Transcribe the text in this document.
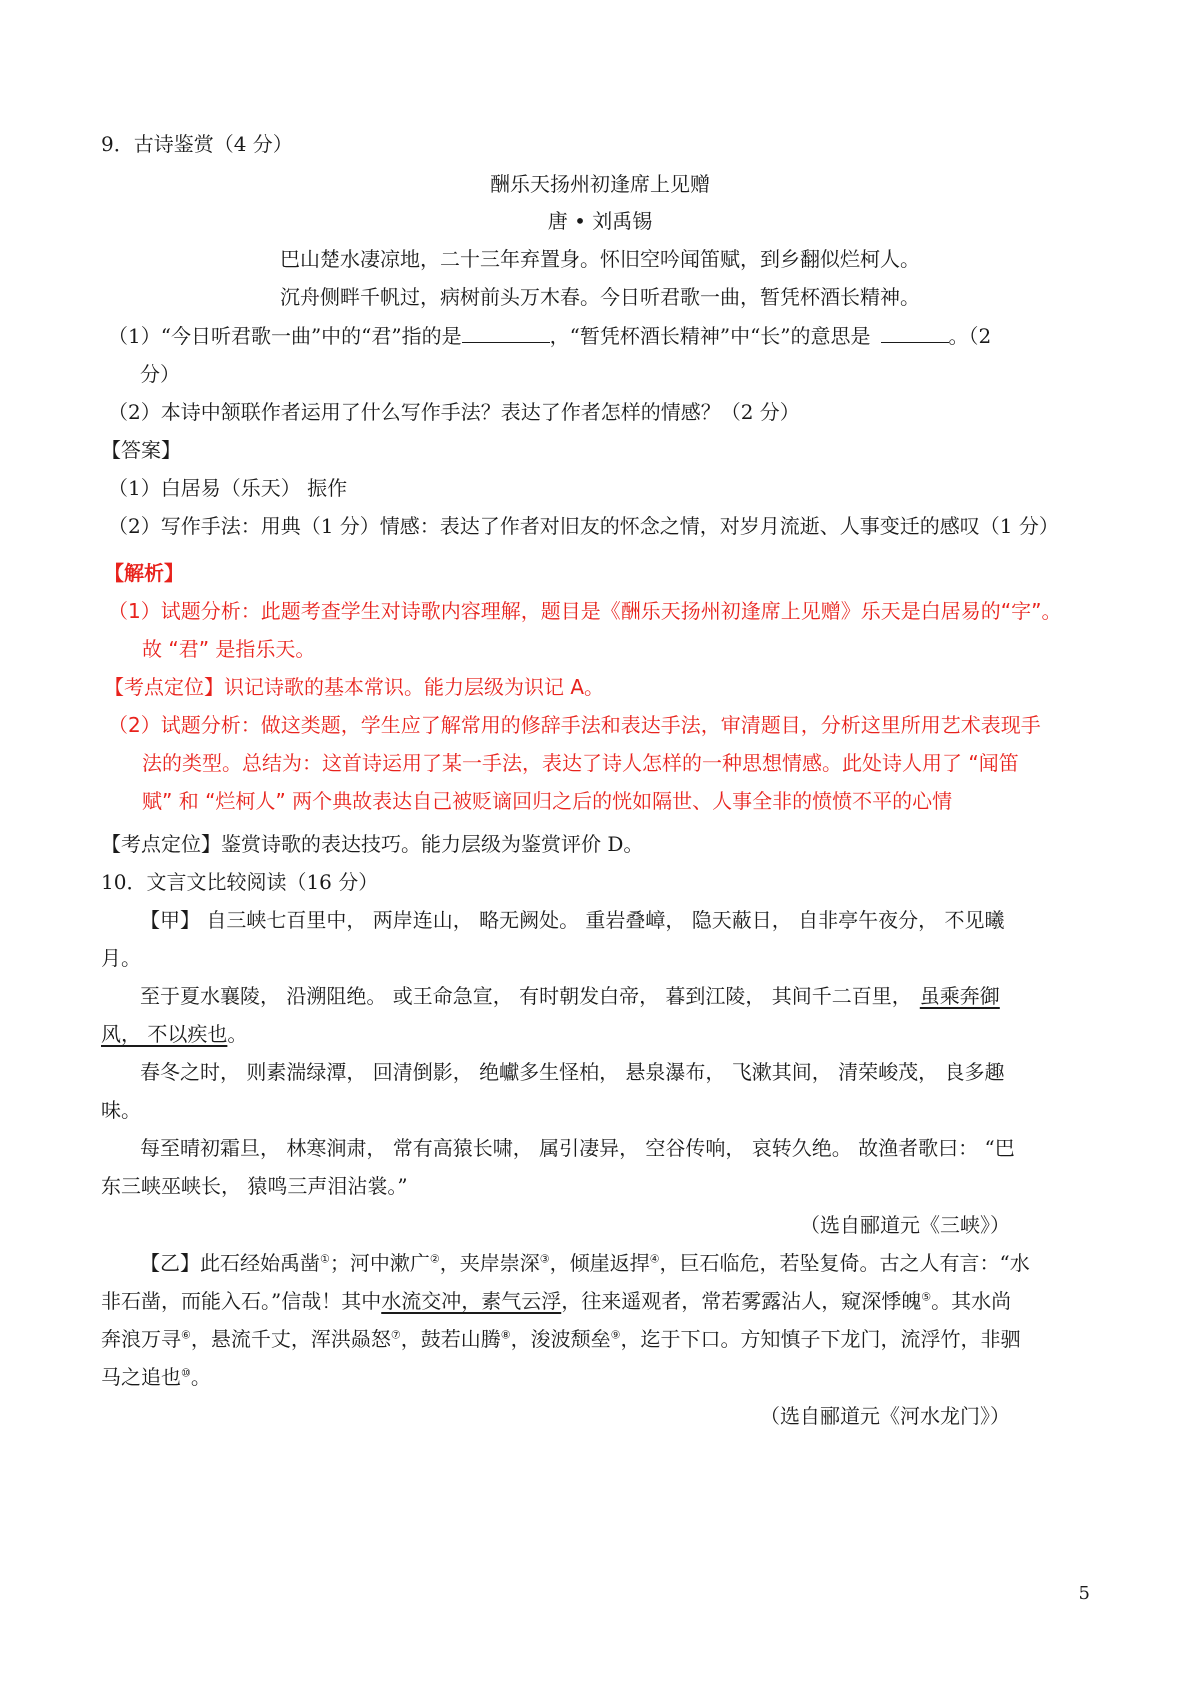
9．古诗鉴赏（4 分）
酬乐天扬州初逢席上见赠
唐 • 刘禹锡
巴山楚水凄凉地，二十三年弃置身。怀旧空吟闻笛赋，到乡翻似烂柯人。
沉舟侧畔千帆过，病树前头万木春。今日听君歌一曲，暂凭杯酒长精神。
（1）“今日听君歌一曲”中的“君”指的是	，“暂凭杯酒长精神”中“长”的意思是	。（2
分）
（2）本诗中颔联作者运用了什么写作手法？表达了作者怎样的情感？（2 分）
【答案】
（1）白居易（乐天） 振作
（2）写作手法：用典（1 分）情感：表达了作者对旧友的怀念之情，对岁月流逝、人事变迁的感叹（1 分）
【解析】
（1）试题分析：此题考查学生对诗歌内容理解，题目是《酬乐天扬州初逢席上见赠》乐天是白居易的“字”。
故 “君” 是指乐天。
【考点定位】识记诗歌的基本常识。能力层级为识记 A。
（2）试题分析：做这类题，学生应了解常用的修辞手法和表达手法，审清题目，分析这里所用艺术表现手
法的类型。总结为：这首诗运用了某一手法，表达了诗人怎样的一种思想情感。此处诗人用了 “闻笛
赋” 和 “烂柯人” 两个典故表达自己被贬谪回归之后的恍如隔世、人事全非的愤愤不平的心情
【考点定位】鉴赏诗歌的表达技巧。能力层级为鉴赏评价 D。
10．文言文比较阅读（16 分）
【甲】 自三峡七百里中， 两岸连山， 略无阙处。 重岩叠嶂， 隐天蔽日， 自非亭午夜分， 不见曦
月。
至于夏水襄陵， 沿溯阻绝。 或王命急宣， 有时朝发白帝， 暮到江陵， 其间千二百里， 虽乘奔御
风， 不以疾也。
春冬之时， 则素湍绿潭， 回清倒影， 绝巘多生怪柏， 悬泉瀑布， 飞漱其间， 清荣峻茂， 良多趣
味。
每至晴初霜旦， 林寒涧肃， 常有高猿长啸， 属引凄异， 空谷传响， 哀转久绝。 故渔者歌曰： “巴
东三峡巫峡长， 猿鸣三声泪沾裳。”
（选自郦道元《三峡》）
【乙】此石经始禹凿①；河中漱广②，夹岸崇深③，倾崖返捍④，巨石临危，若坠复倚。古之人有言：“水
非石凿，而能入石。”信哉！其中水流交冲，素气云浮，往来遥观者，常若雾露沾人，窥深悸魄⑤。其水尚
奔浪万寻⑥，悬流千丈，浑洪赑怒⑦，鼓若山腾⑧，浚波颓垒⑨，迄于下口。方知慎子下龙门，流浮竹，非驷
马之追也⑩。
（选自郦道元《河水龙门》）
5
